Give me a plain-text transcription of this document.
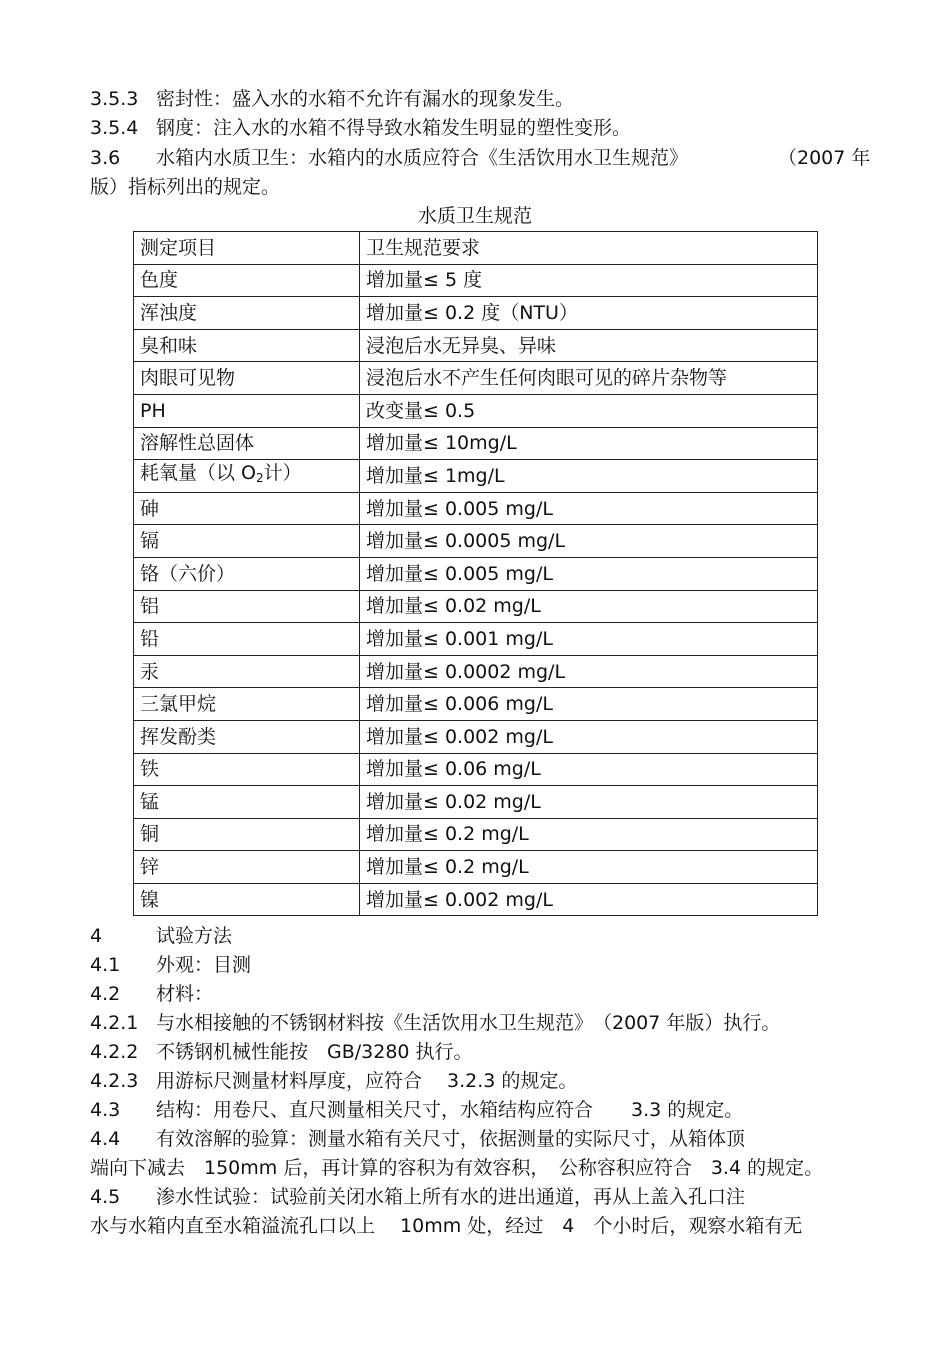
3.5.3 密封性：盛入水的水箱不允许有漏水的现象发生。
3.5.4 钢度：注入水的水箱不得导致水箱发生明显的塑性变形。
3.6 水箱内水质卫生：水箱内的水质应符合《生活饮用水卫生规范》	（2007 年
版）指标列出的规定。
水质卫生规范
测定项目	卫生规范要求
色度	增加量≤ 5 度
浑浊度	增加量≤ 0.2 度（NTU）
臭和味	浸泡后水无异臭、异味
肉眼可见物	浸泡后水不产生任何肉眼可见的碎片杂物等
PH	改变量≤ 0.5
溶解性总固体	增加量≤ 10mg/L
耗氧量（以 $O_2$计）	增加量≤ 1mg/L
砷	增加量≤ 0.005 mg/L
镉	增加量≤ 0.0005 mg/L
铬（六价）	增加量≤ 0.005 mg/L
铝	增加量≤ 0.02 mg/L
铅	增加量≤ 0.001 mg/L
汞	增加量≤ 0.0002 mg/L
三氯甲烷	增加量≤ 0.006 mg/L
挥发酚类	增加量≤ 0.002 mg/L
铁	增加量≤ 0.06 mg/L
锰	增加量≤ 0.02 mg/L
铜	增加量≤ 0.2 mg/L
锌	增加量≤ 0.2 mg/L
镍	增加量≤ 0.002 mg/L
4	试验方法
4.1 外观：目测
4.2 材料：
4.2.1 与水相接触的不锈钢材料按《生活饮用水卫生规范》　（2007 年版）执行。
4.2.2 不锈钢机械性能按　GB/3280 执行。
4.2.3 用游标尺测量材料厚度，应符合　 3.2.3 的规定。
4.3 结构：用卷尺、直尺测量相关尺寸，水箱结构应符合　　3.3 的规定。
4.4 有效溶解的验算：测量水箱有关尺寸，依据测量的实际尺寸，从箱体顶
端向下减去　150mm 后，再计算的容积为有效容积，　公称容积应符合　3.4 的规定。
4.5 渗水性试验：试验前关闭水箱上所有水的进出通道，再从上盖入孔口注
水与水箱内直至水箱溢流孔口以上　 10mm 处，经过　4　个小时后，观察水箱有无
